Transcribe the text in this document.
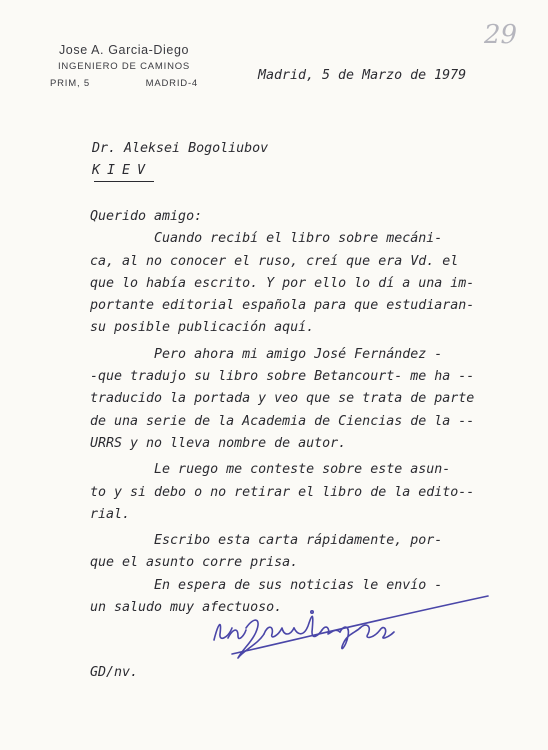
Jose A. Garcia-Diego
INGENIERO DE CAMINOS
PRIM, 5	MADRID-4
29
Madrid, 5 de Marzo de 1979
Dr. Aleksei Bogoliubov
KIEV
Querido amigo:
Cuando recibí el libro sobre mecáni-
ca, al no conocer el ruso, creí que era Vd. el
que lo había escrito. Y por ello lo dí a una im-
portante editorial española para que estudiaran-
su posible publicación aquí.
Pero ahora mi amigo José Fernández -
-que tradujo su libro sobre Betancourt- me ha --
traducido la portada y veo que se trata de parte
de una serie de la Academia de Ciencias de la --
URRS y no lleva nombre de autor.
Le ruego me conteste sobre este asun-
to y si debo o no retirar el libro de la edito--
rial.
Escribo esta carta rápidamente, por-
que el asunto corre prisa.
En espera de sus noticias le envío -
un saludo muy afectuoso.
GD/nv.
